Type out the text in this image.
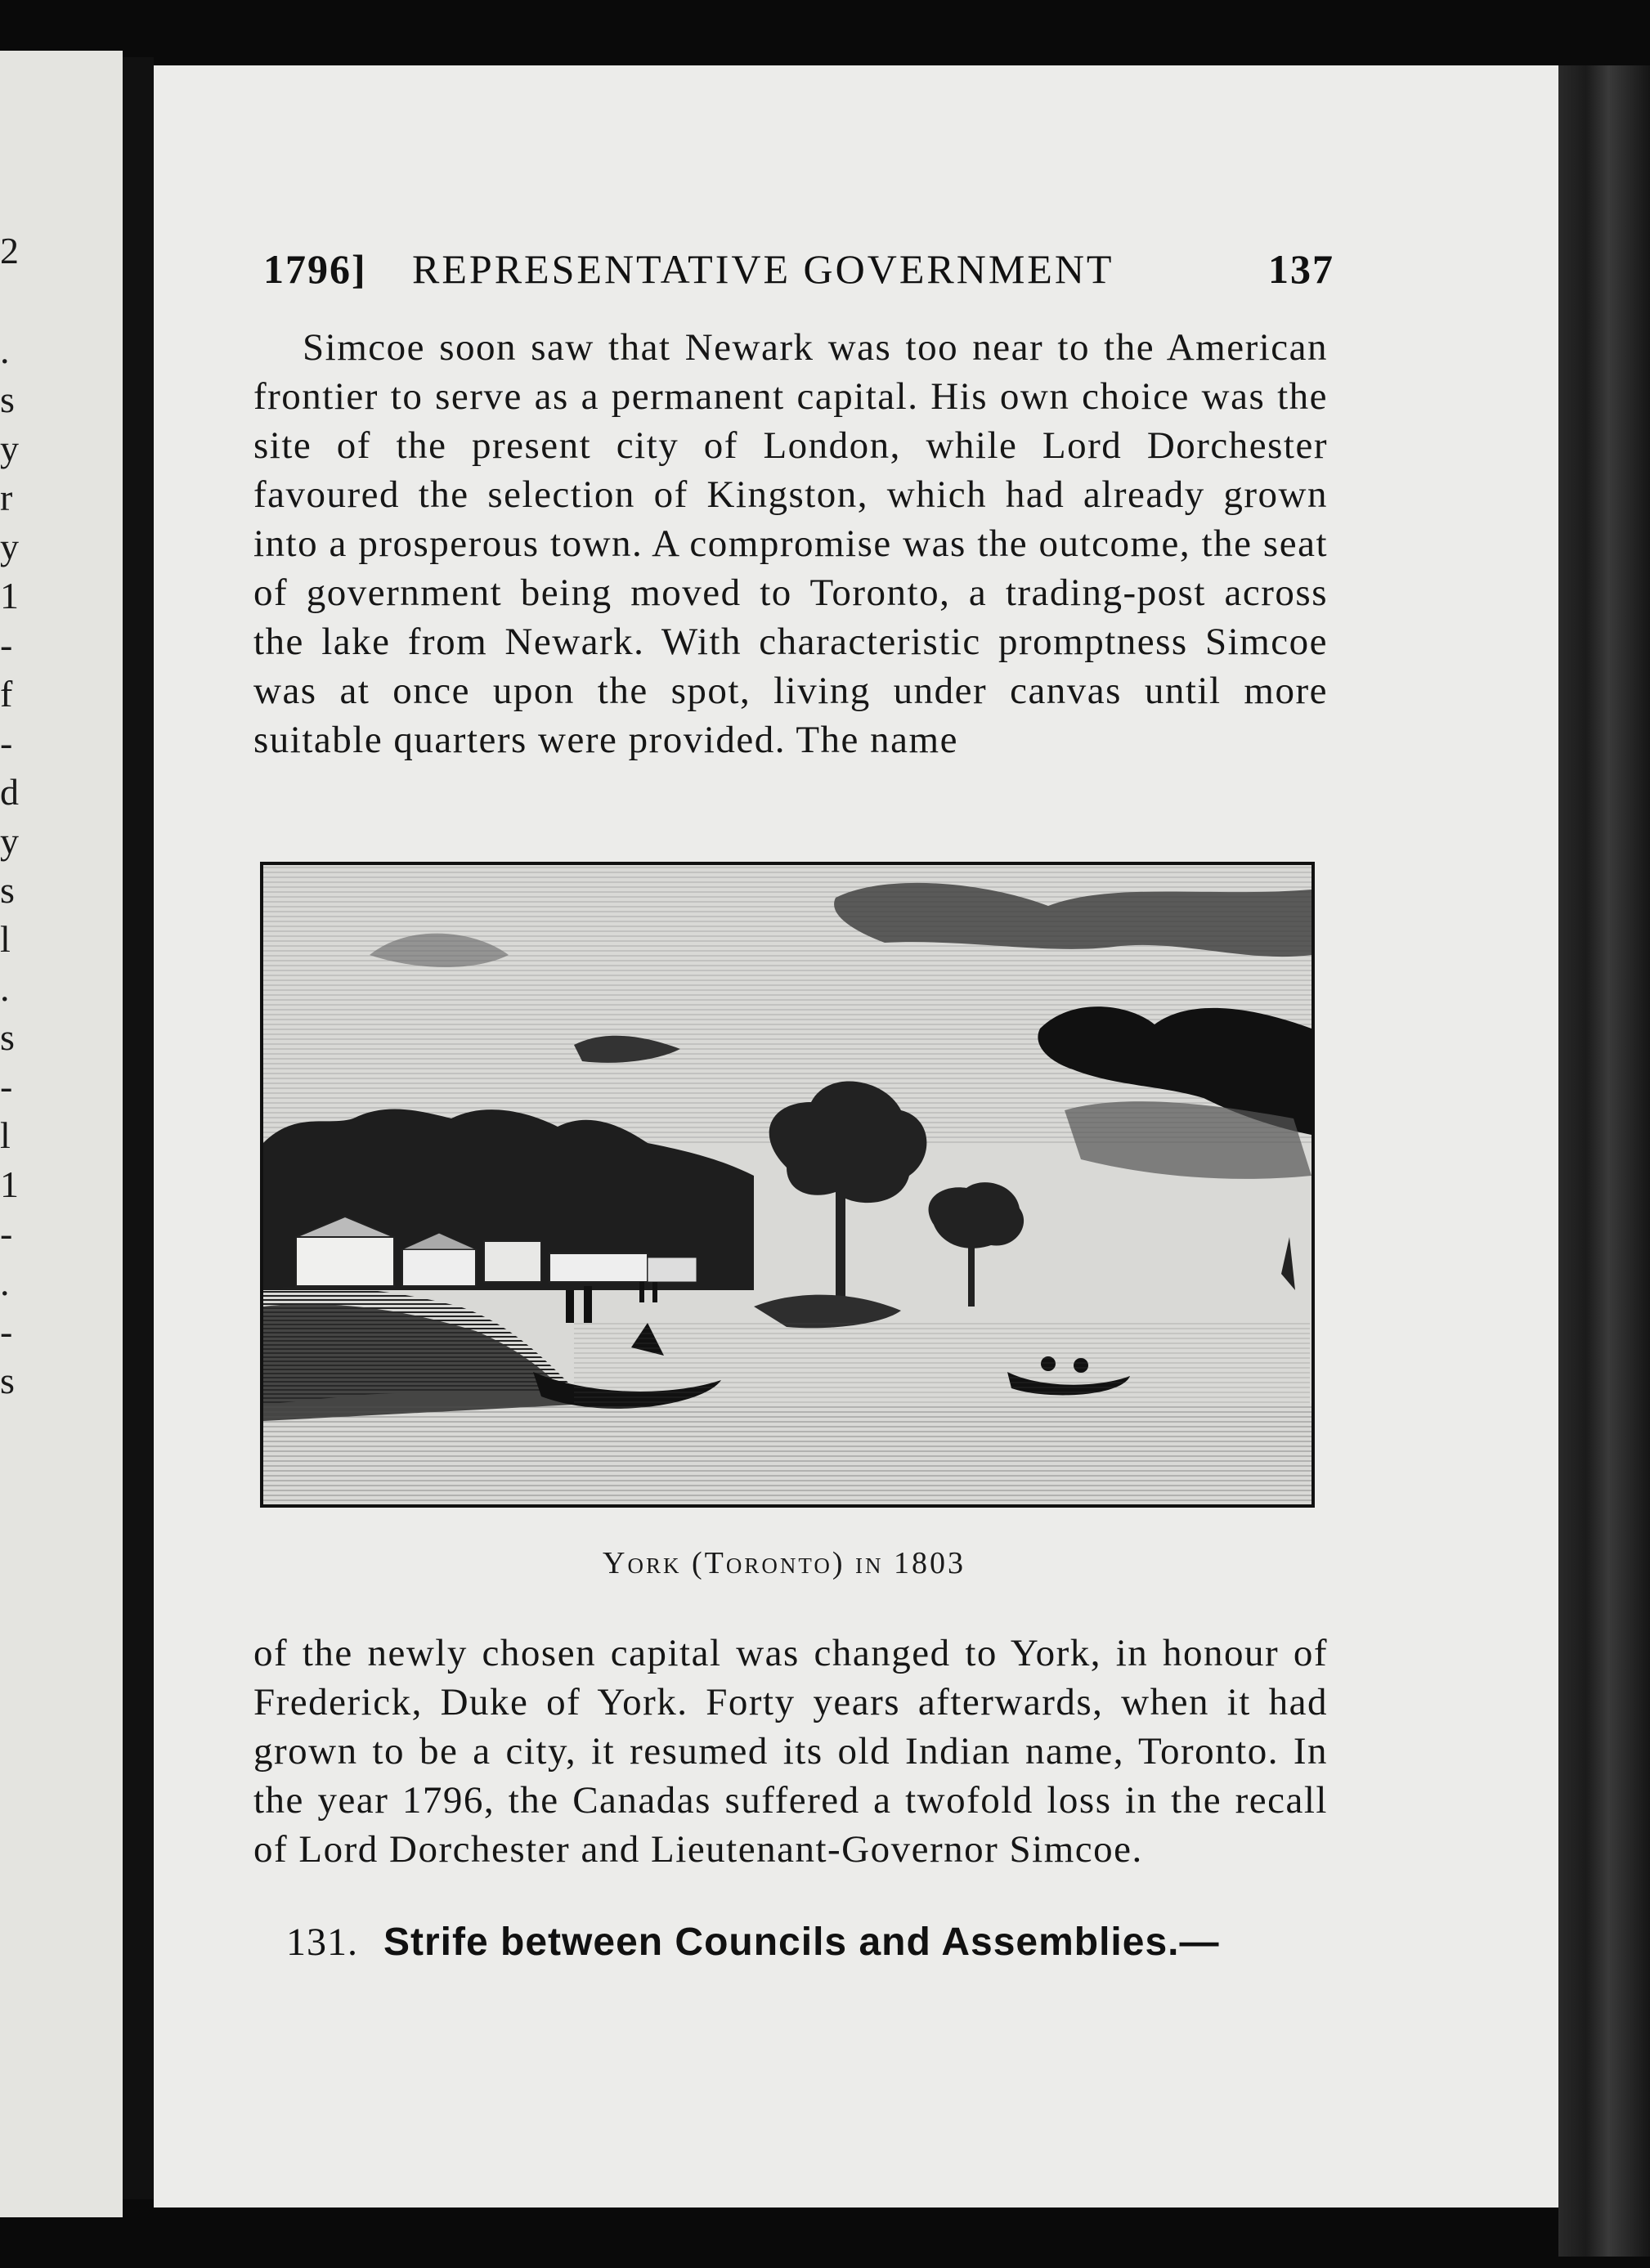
2
.
s
y
r
y
1
-
f
-
d
y
s
l
.
s
-
l
1
-
.
-
s
1796] REPRESENTATIVE GOVERNMENT	137
Simcoe soon saw that Newark was too near to the American frontier to serve as a permanent capital. His own choice was the site of the present city of London, while Lord Dorchester favoured the selection of Kingston, which had already grown into a prosperous town. A compromise was the outcome, the seat of government being moved to Toronto, a trading-post across the lake from Newark. With characteristic promptness Simcoe was at once upon the spot, living under canvas until more suitable quarters were provided. The name
York (Toronto) in 1803
of the newly chosen capital was changed to York, in honour of Frederick, Duke of York. Forty years afterwards, when it had grown to be a city, it resumed its old Indian name, Toronto. In the year 1796, the Canadas suffered a twofold loss in the recall of Lord Dorchester and Lieutenant-Governor Simcoe.
131. Strife between Councils and Assemblies.—
